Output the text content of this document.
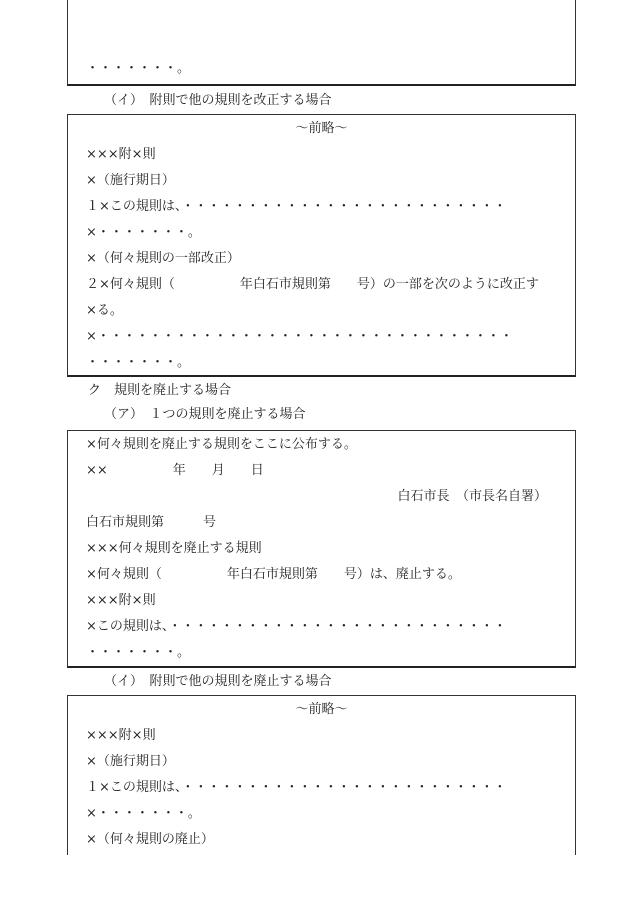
・・・・・・・。
（イ）　附則で他の規則を改正する場合
～前略～
×××附×則
×（施行期日）
１×この規則は、・・・・・・・・・・・・・・・・・・・・・・・・・
×・・・・・・・。
×（何々規則の一部改正）
２×何々規則（　　　　　年白石市規則第　　号）の一部を次のように改正す
×る。
×・・・・・・・・・・・・・・・・・・・・・・・・・・・・・・・・
・・・・・・・。
ク　規則を廃止する場合
（ア）　１つの規則を廃止する場合
×何々規則を廃止する規則をここに公布する。
××　　　　　年　　月　　日
白石市長　（市長名自署）
白石市規則第　　　号
×××何々規則を廃止する規則
×何々規則（　　　　　年白石市規則第　　号）は、廃止する。
×××附×則
×この規則は、・・・・・・・・・・・・・・・・・・・・・・・・・・
・・・・・・・。
（イ）　附則で他の規則を廃止する場合
～前略～
×××附×則
×（施行期日）
１×この規則は、・・・・・・・・・・・・・・・・・・・・・・・・・
×・・・・・・・。
×（何々規則の廃止）
